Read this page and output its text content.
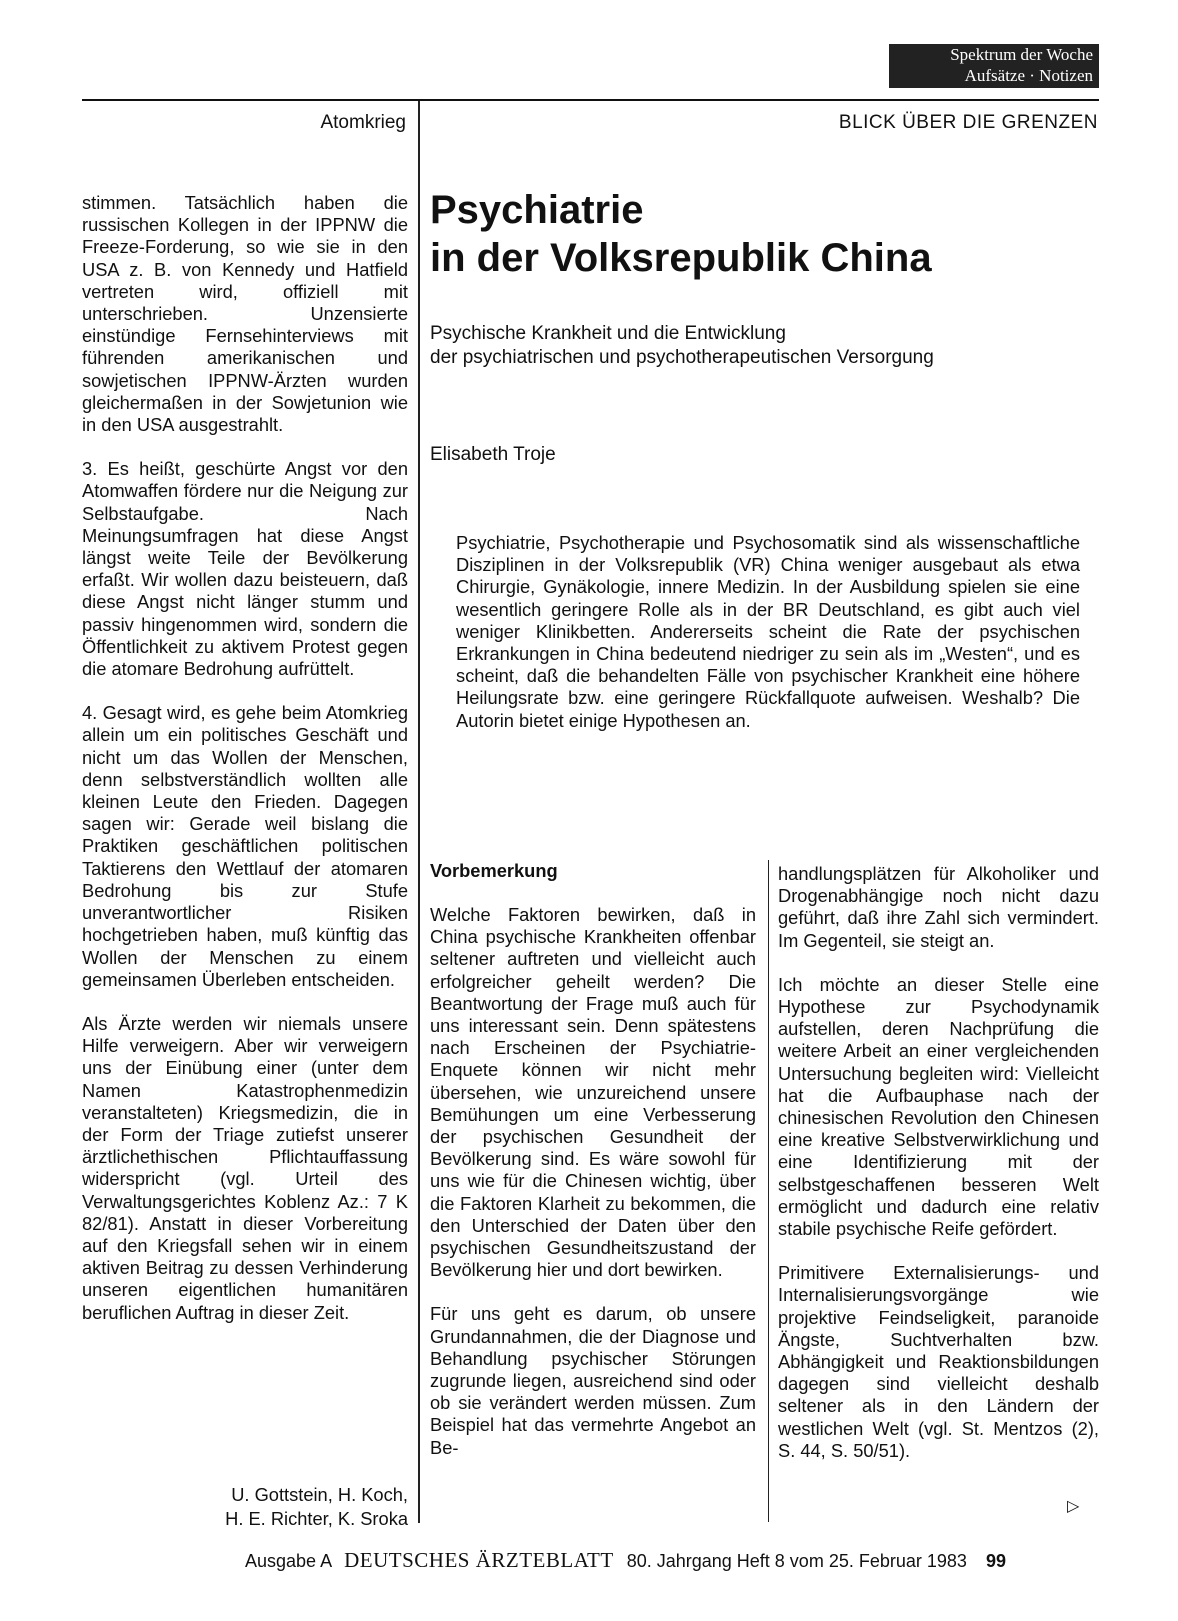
Spektrum der Woche
Aufsätze · Notizen
Atomkrieg	BLICK ÜBER DIE GRENZEN

stimmen. Tatsächlich haben die russischen Kollegen in der IPPNW die Freeze-Forderung, so wie sie in den USA z. B. von Kennedy und Hatfield vertreten wird, offiziell mit unterschrieben. Unzensierte einstündige Fernsehinterviews mit führenden amerikanischen und sowjetischen IPPNW-Ärzten wurden gleichermaßen in der Sowjetunion wie in den USA ausgestrahlt.

3. Es heißt, geschürte Angst vor den Atomwaffen fördere nur die Neigung zur Selbstaufgabe. Nach Meinungsumfragen hat diese Angst längst weite Teile der Bevölkerung erfaßt. Wir wollen dazu beisteuern, daß diese Angst nicht länger stumm und passiv hingenommen wird, sondern die Öffentlichkeit zu aktivem Protest gegen die atomare Bedrohung aufrüttelt.

4. Gesagt wird, es gehe beim Atomkrieg allein um ein politisches Geschäft und nicht um das Wollen der Menschen, denn selbstverständlich wollten alle kleinen Leute den Frieden. Dagegen sagen wir: Gerade weil bislang die Praktiken geschäftlichen politischen Taktierens den Wettlauf der atomaren Bedrohung bis zur Stufe unverantwortlicher Risiken hochgetrieben haben, muß künftig das Wollen der Menschen zu einem gemeinsamen Überleben entscheiden.

Als Ärzte werden wir niemals unsere Hilfe verweigern. Aber wir verweigern uns der Einübung einer (unter dem Namen Katastrophenmedizin veranstalteten) Kriegsmedizin, die in der Form der Triage zutiefst unserer ärztlichethischen Pflichtauffassung widerspricht (vgl. Urteil des Verwaltungsgerichtes Koblenz Az.: 7 K 82/81). Anstatt in dieser Vorbereitung auf den Kriegsfall sehen wir in einem aktiven Beitrag zu dessen Verhinderung unseren eigentlichen humanitären beruflichen Auftrag in dieser Zeit.

U. Gottstein, H. Koch,
H. E. Richter, K. Sroka
Psychiatrie
in der Volksrepublik China
Psychische Krankheit und die Entwicklung
der psychiatrischen und psychotherapeutischen Versorgung
Elisabeth Troje
Psychiatrie, Psychotherapie und Psychosomatik sind als wissenschaftliche Disziplinen in der Volksrepublik (VR) China weniger ausgebaut als etwa Chirurgie, Gynäkologie, innere Medizin. In der Ausbildung spielen sie eine wesentlich geringere Rolle als in der BR Deutschland, es gibt auch viel weniger Klinikbetten. Andererseits scheint die Rate der psychischen Erkrankungen in China bedeutend niedriger zu sein als im „Westen“, und es scheint, daß die behandelten Fälle von psychischer Krankheit eine höhere Heilungsrate bzw. eine geringere Rückfallquote aufweisen. Weshalb? Die Autorin bietet einige Hypothesen an.
Vorbemerkung

Welche Faktoren bewirken, daß in China psychische Krankheiten offenbar seltener auftreten und vielleicht auch erfolgreicher geheilt werden? Die Beantwortung der Frage muß auch für uns interessant sein. Denn spätestens nach Erscheinen der Psychiatrie-Enquete können wir nicht mehr übersehen, wie unzureichend unsere Bemühungen um eine Verbesserung der psychischen Gesundheit der Bevölkerung sind. Es wäre sowohl für uns wie für die Chinesen wichtig, über die Faktoren Klarheit zu bekommen, die den Unterschied der Daten über den psychischen Gesundheitszustand der Bevölkerung hier und dort bewirken.

Für uns geht es darum, ob unsere Grundannahmen, die der Diagnose und Behandlung psychischer Störungen zugrunde liegen, ausreichend sind oder ob sie verändert werden müssen. Zum Beispiel hat das vermehrte Angebot an Be-

handlungsplätzen für Alkoholiker und Drogenabhängige noch nicht dazu geführt, daß ihre Zahl sich vermindert. Im Gegenteil, sie steigt an.

Ich möchte an dieser Stelle eine Hypothese zur Psychodynamik aufstellen, deren Nachprüfung die weitere Arbeit an einer vergleichenden Untersuchung begleiten wird: Vielleicht hat die Aufbauphase nach der chinesischen Revolution den Chinesen eine kreative Selbstverwirklichung und eine Identifizierung mit der selbstgeschaffenen besseren Welt ermöglicht und dadurch eine relativ stabile psychische Reife gefördert.

Primitivere Externalisierungs- und Internalisierungsvorgänge wie projektive Feindseligkeit, paranoide Ängste, Suchtverhalten bzw. Abhängigkeit und Reaktionsbildungen dagegen sind vielleicht deshalb seltener als in den Ländern der westlichen Welt (vgl. St. Mentzos (2), S. 44, S. 50/51).

▷
Ausgabe A DEUTSCHES ÄRZTEBLATT 80. Jahrgang Heft 8 vom 25. Februar 1983 99
